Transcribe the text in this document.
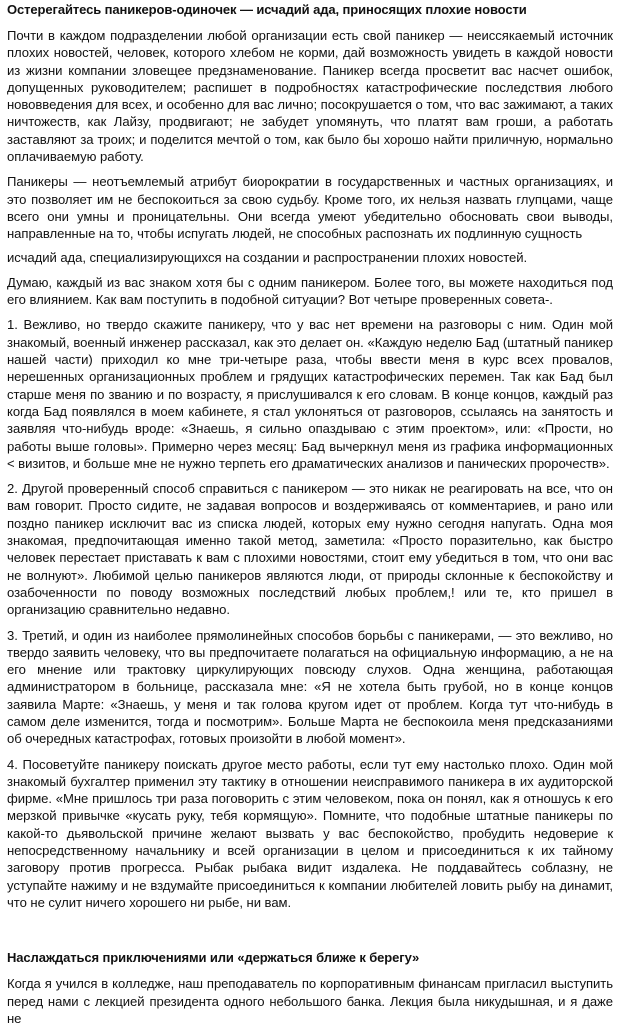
Остерегайтесь паникеров-одиночек — исчадий ада, приносящих плохие новости

Почти в каждом подразделении любой организации есть свой паникер — неиссякаемый источник плохих новостей, человек, которого хлебом не корми, дай возможность увидеть в каждой новости из жизни компании зловещее предзнаменование. Паникер всегда просветит вас насчет ошибок, допущенных руководителем; распишет в подробностях катастрофические последствия любого нововведения для всех, и особенно для вас лично; посокрушается о том, что вас зажимают, а таких ничтожеств, как Лайзу, продвигают; не забудет упомянуть, что платят вам гроши, а работать заставляют за троих; и поделится мечтой о том, как было бы хорошо найти приличную, нормально оплачиваемую работу.

Паникеры — неотъемлемый атрибут биорократии в государственных и частных организациях, и это позволяет им не беспокоиться за свою судьбу. Кроме того, их нельзя назвать глупцами, чаще всего они умны и проницательны. Они всегда умеют убедительно обосновать свои выводы, направленные на то, чтобы испугать людей, не способных распознать их подлинную сущность

исчадий ада, специализирующихся на создании и распространении плохих новостей.

Думаю, каждый из вас знаком хотя бы с одним паникером. Более того, вы можете находиться под его влиянием. Как вам поступить в подобной ситуации? Вот четыре проверенных совета-.

1. Вежливо, но твердо скажите паникеру, что у вас нет времени на разговоры с ним. Один мой знакомый, военный инженер рассказал, как это делает он. «Каждую неделю Бад (штатный паникер нашей части) приходил ко мне три-четыре раза, чтобы ввести меня в курс всех провалов, нерешенных организационных проблем и грядущих катастрофических перемен. Так как Бад был старше меня по званию и по возрасту, я прислушивался к его словам. В конце концов, каждый раз когда Бад появлялся в моем кабинете, я стал уклоняться от разговоров, ссылаясь на занятость и заявляя что-нибудь вроде: «Знаешь, я сильно опаздываю с этим проектом», или: «Прости, но работы выше головы». Примерно через месяц: Бад вычеркнул меня из графика информационных < визитов, и больше мне не нужно терпеть его драматических анализов и панических пророчеств».

2. Другой проверенный способ справиться с паникером — это никак не реагировать на все, что он вам говорит. Просто сидите, не задавая вопросов и воздерживаясь от комментариев, и рано или поздно паникер исключит вас из списка людей, которых ему нужно сегодня напугать. Одна моя знакомая, предпочитающая именно такой метод, заметила: «Просто поразительно, как быстро человек перестает приставать к вам с плохими новостями, стоит ему убедиться в том, что они вас не волнуют». Любимой целью паникеров являются люди, от природы склонные к беспокойству и озабоченности по поводу возможных последствий любых проблем,! или те, кто пришел в организацию сравнительно недавно.

3. Третий, и один из наиболее прямолинейных способов борьбы с паникерами, — это вежливо, но твердо заявить человеку, что вы предпочитаете полагаться на официальную информацию, а не на его мнение или трактовку циркулирующих повсюду слухов. Одна женщина, работающая администратором в больнице, рассказала мне: «Я не хотела быть грубой, но в конце концов заявила Марте: «Знаешь, у меня и так голова кругом идет от проблем. Когда тут что-нибудь в самом деле изменится, тогда и посмотрим». Больше Марта не беспокоила меня предсказаниями об очередных катастрофах, готовых произойти в любой момент».

4. Посоветуйте паникеру поискать другое место работы, если тут ему настолько плохо. Один мой знакомый бухгалтер применил эту тактику в отношении неисправимого паникера в их аудиторской фирме. «Мне пришлось три раза поговорить с этим человеком, пока он понял, как я отношусь к его мерзкой привычке «кусать руку, тебя кормящую». Помните, что подобные штатные паникеры по какой-то дьявольской причине желают вызвать у вас беспокойство, пробудить недоверие к непосредственному начальнику и всей организации в целом и присоединиться к их тайному заговору против прогресса. Рыбак рыбака видит издалека. Не поддавайтесь соблазну, не уступайте нажиму и не вздумайте присоединиться к компании любителей ловить рыбу на динамит, что не сулит ничего хорошего ни рыбе, ни вам.

Наслаждаться приключениями или «держаться ближе к берегу»

Когда я учился в колледже, наш преподаватель по корпоративным финансам пригласил выступить перед нами с лекцией президента одного небольшого банка. Лекция была никудышная, и я даже не
